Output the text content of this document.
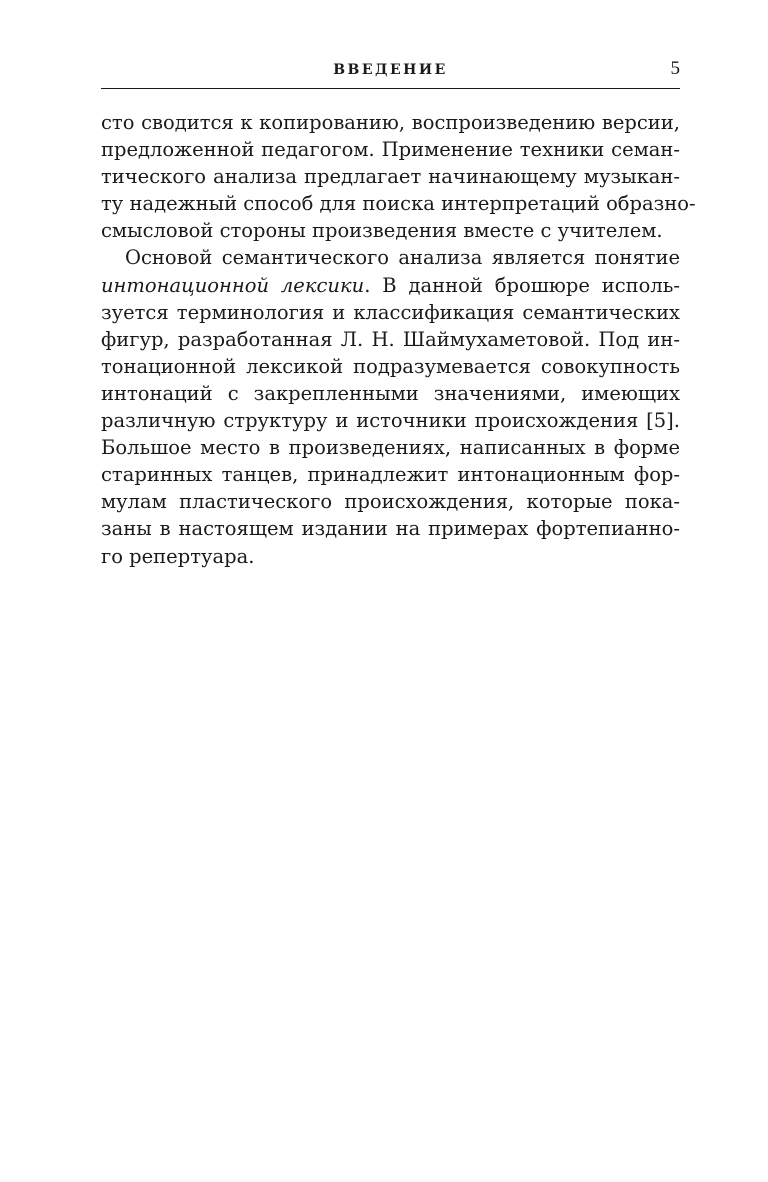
ВВЕДЕНИЕ	5
сто сводится к копированию, воспроизведению версии,
предложенной педагогом. Применение техники семан-
тического анализа предлагает начинающему музыкан-
ту надежный способ для поиска интерпретаций образно-
смысловой стороны произведения вместе с учителем.
Основой семантического анализа является понятие
интонационной лексики. В данной брошюре исполь-
зуется терминология и классификация семантических
фигур, разработанная Л. Н. Шаймухаметовой. Под ин-
тонационной лексикой подразумевается совокупность
интонаций с закрепленными значениями, имеющих
различную структуру и источники происхождения [5].
Большое место в произведениях, написанных в форме
старинных танцев, принадлежит интонационным фор-
мулам пластического происхождения, которые пока-
заны в настоящем издании на примерах фортепианно-
го репертуара.
